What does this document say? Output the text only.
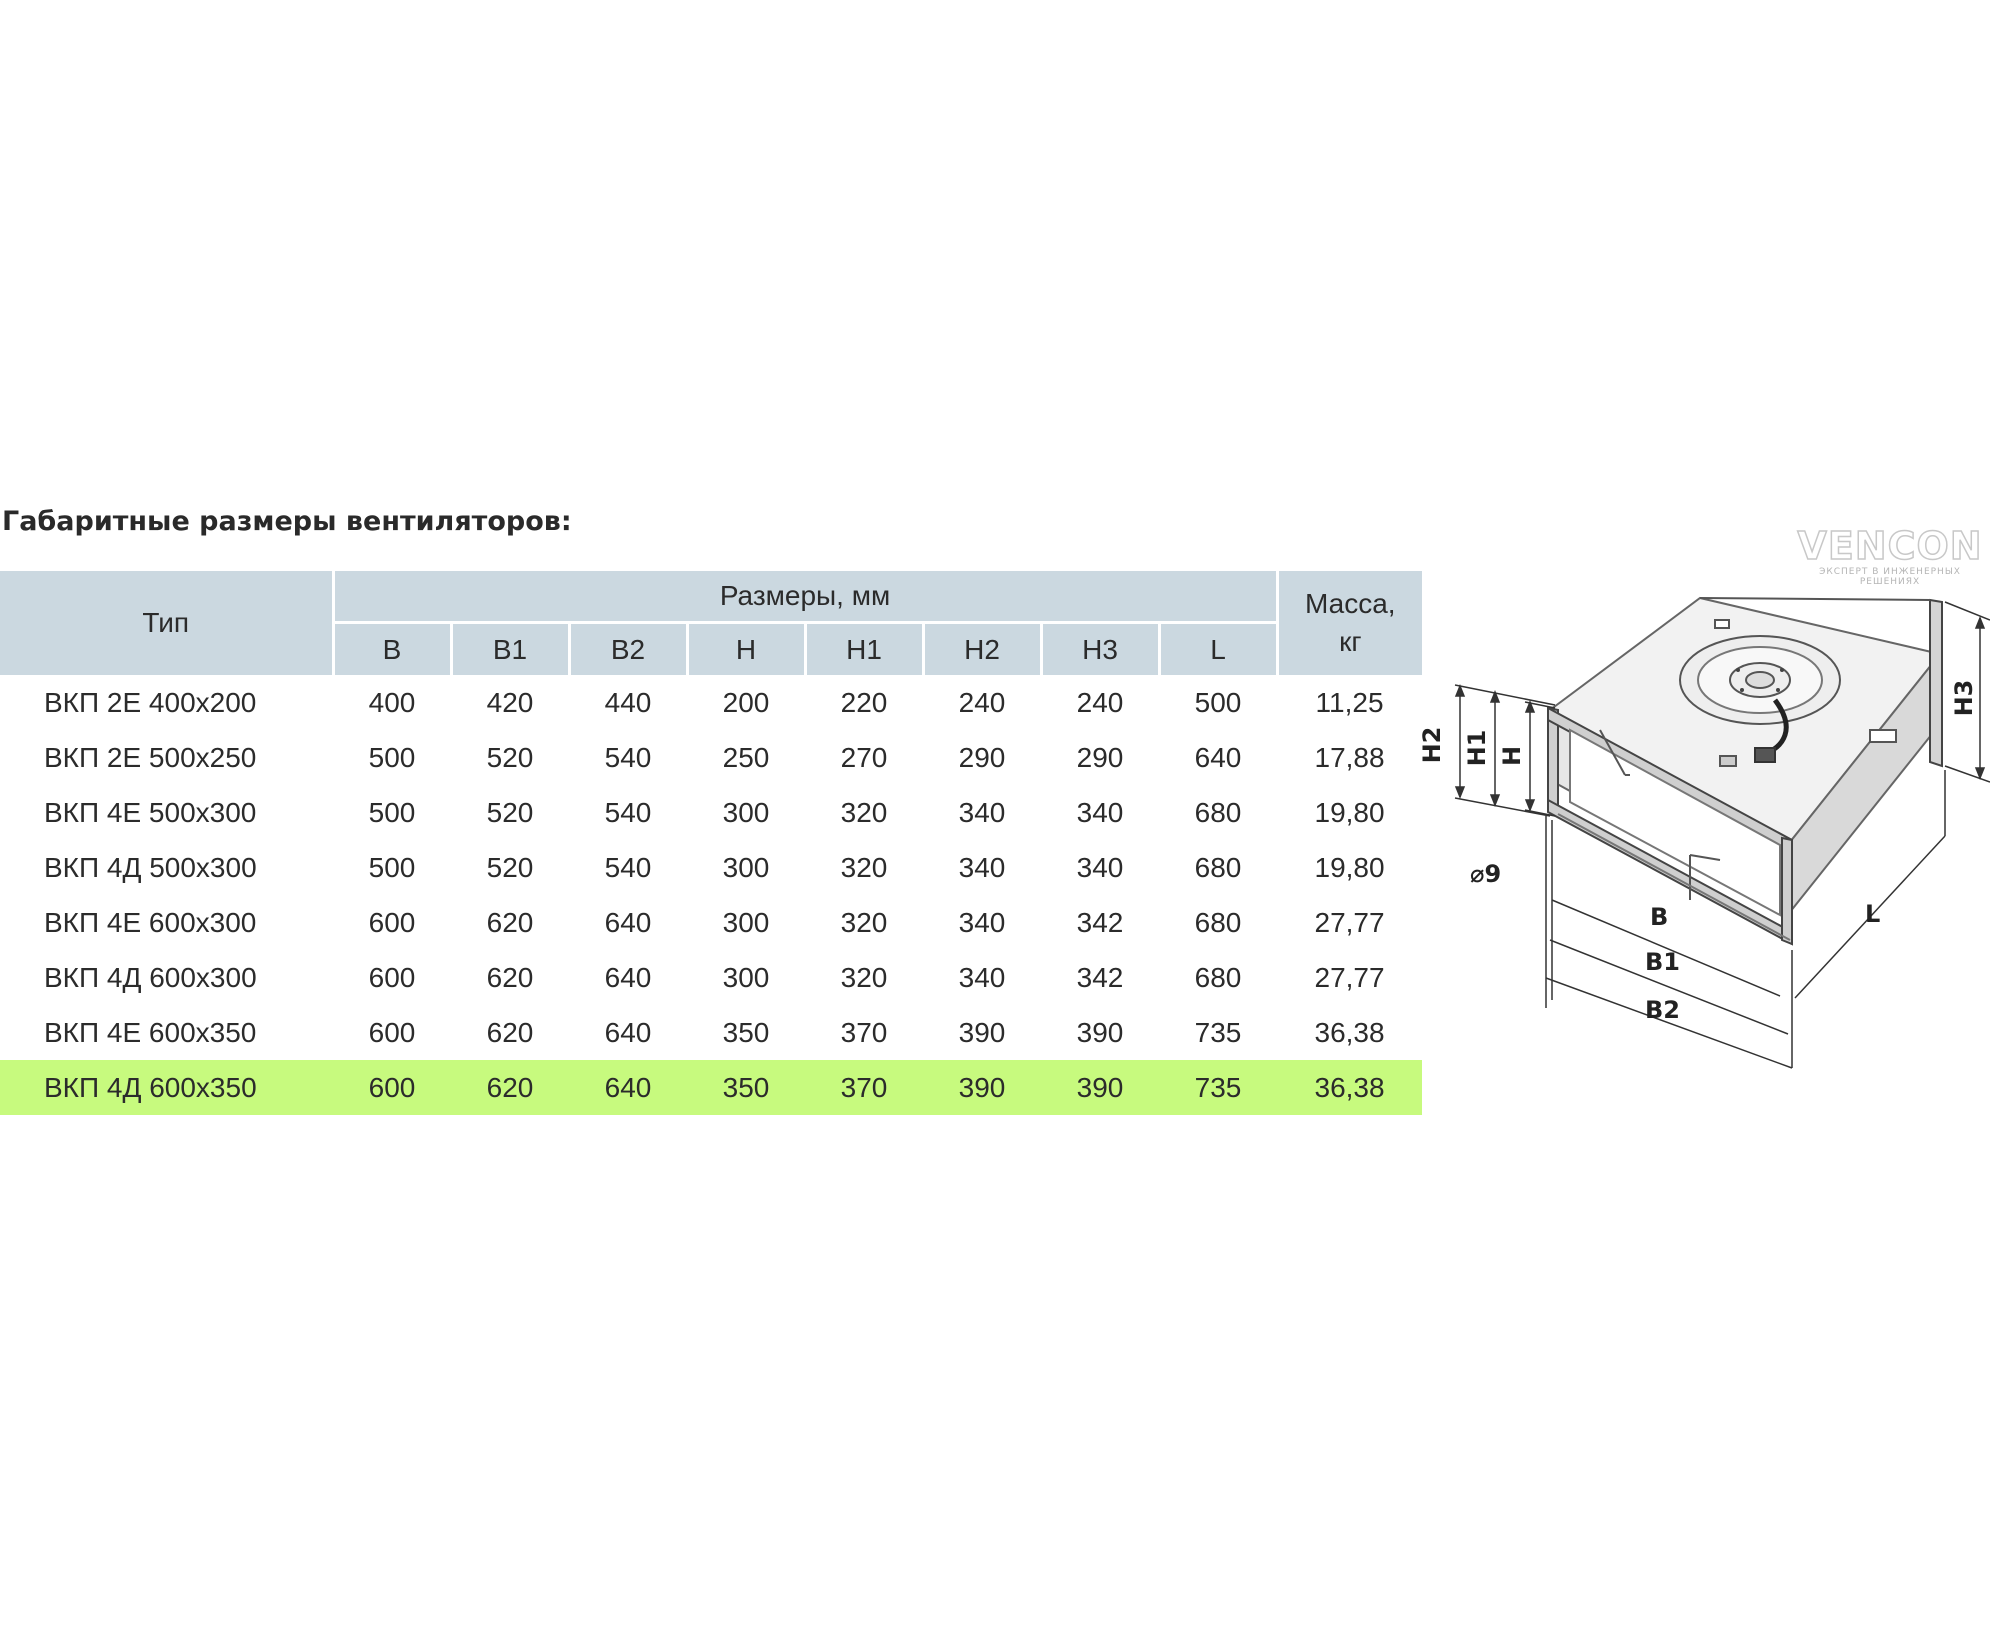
Габаритные размеры вентиляторов:
Тип	Размеры, мм								Масса,
кг
	B	B1	B2	H	H1	H2	H3	L	
ВКП 2Е 400х200	400	420	440	200	220	240	240	500	11,25
ВКП 2Е 500х250	500	520	540	250	270	290	290	640	17,88
ВКП 4Е 500х300	500	520	540	300	320	340	340	680	19,80
ВКП 4Д 500х300	500	520	540	300	320	340	340	680	19,80
ВКП 4Е 600х300	600	620	640	300	320	340	342	680	27,77
ВКП 4Д 600х300	600	620	640	300	320	340	342	680	27,77
ВКП 4Е 600х350	600	620	640	350	370	390	390	735	36,38
ВКП 4Д 600х350	600	620	640	350	370	390	390	735	36,38
VENCON
ЭКСПЕРТ В ИНЖЕНЕРНЫХ РЕШЕНИЯХ
H2 H1 H
H3
B
B1
B2
L
⌀9
